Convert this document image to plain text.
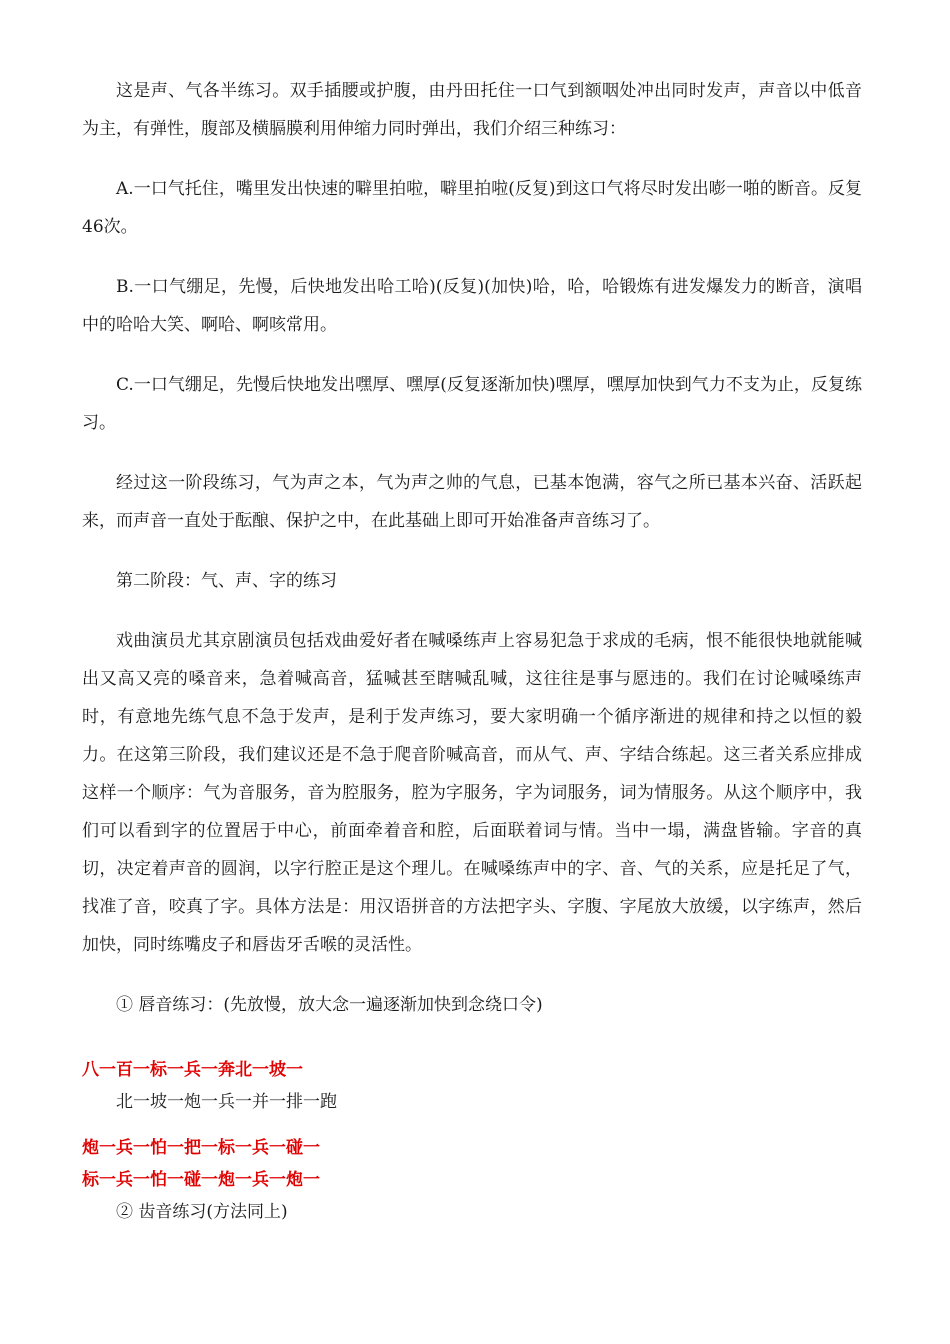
这是声、气各半练习。双手插腰或护腹，由丹田托住一口气到额咽处冲出同时发声，声音以中低音为主，有弹性，腹部及横膈膜利用伸缩力同时弹出，我们介绍三种练习：

A.一口气托住，嘴里发出快速的噼里拍啦，噼里拍啦(反复)到这口气将尽时发出嘭一啪的断音。反复46次。

B.一口气绷足，先慢，后快地发出哈工哈)(反复)(加快)哈，哈，哈锻炼有进发爆发力的断音，演唱中的哈哈大笑、啊哈、啊咳常用。

C.一口气绷足，先慢后快地发出嘿厚、嘿厚(反复逐渐加快)嘿厚，嘿厚加快到气力不支为止，反复练习。

经过这一阶段练习，气为声之本，气为声之帅的气息，已基本饱满，容气之所已基本兴奋、活跃起来，而声音一直处于酝酿、保护之中，在此基础上即可开始准备声音练习了。

第二阶段：气、声、字的练习

戏曲演员尤其京剧演员包括戏曲爱好者在喊嗓练声上容易犯急于求成的毛病，恨不能很快地就能喊出又高又亮的嗓音来，急着喊高音，猛喊甚至瞎喊乱喊，这往往是事与愿违的。我们在讨论喊嗓练声时，有意地先练气息不急于发声，是利于发声练习，要大家明确一个循序渐进的规律和持之以恒的毅力。在这第三阶段，我们建议还是不急于爬音阶喊高音，而从气、声、字结合练起。这三者关系应排成这样一个顺序：气为音服务，音为腔服务，腔为字服务，字为词服务，词为情服务。从这个顺序中，我们可以看到字的位置居于中心，前面牵着音和腔，后面联着词与情。当中一塌，满盘皆输。字音的真切，决定着声音的圆润，以字行腔正是这个理儿。在喊嗓练声中的字、音、气的关系，应是托足了气，找准了音，咬真了字。具体方法是：用汉语拼音的方法把字头、字腹、字尾放大放缓，以字练声，然后加快，同时练嘴皮子和唇齿牙舌喉的灵活性。

① 唇音练习：(先放慢，放大念一遍逐渐加快到念绕口令)

八一百一标一兵一奔北一坡一

北一坡一炮一兵一并一排一跑

炮一兵一怕一把一标一兵一碰一

标一兵一怕一碰一炮一兵一炮一

② 齿音练习(方法同上)
